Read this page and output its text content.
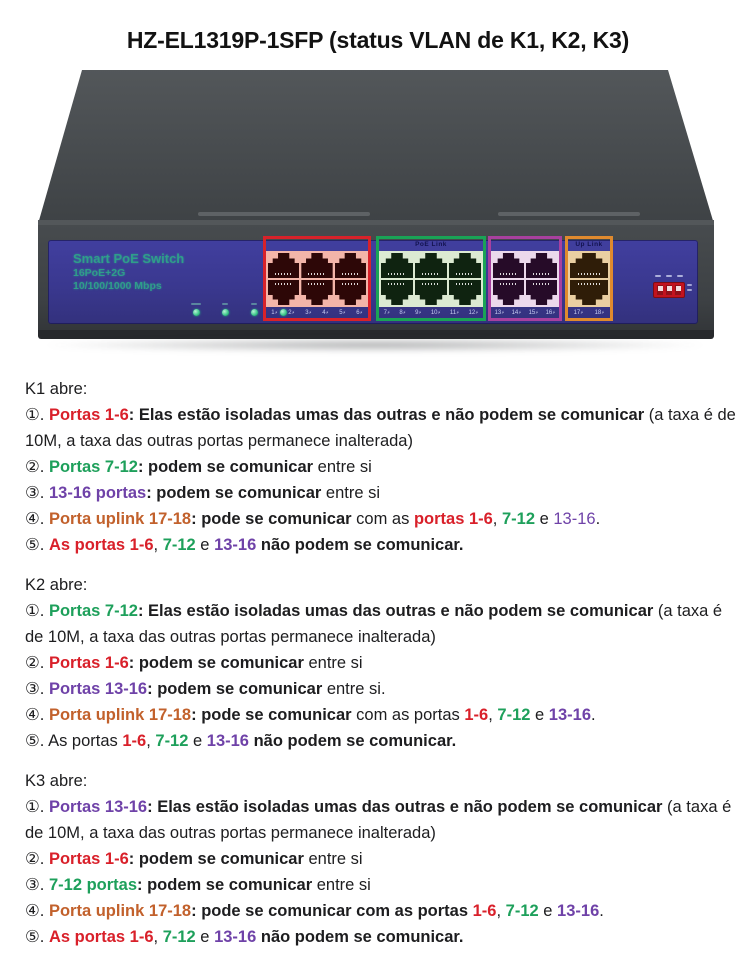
HZ-EL1319P-1SFP (status VLAN de K1, K2, K3)
Smart PoE Switch
16PoE+2G
10/100/1000 Mbps
1⚡ 2⚡ 3⚡ 4⚡ 5⚡ 6⚡
PoE Link
7⚡ 8⚡ 9⚡ 10⚡ 11⚡ 12⚡	13⚡ 14⚡ 15⚡ 16⚡
Up Link
17⚡ 18⚡
K1 abre:
①. Portas 1-6: Elas estão isoladas umas das outras e não podem se comunicar (a taxa é de 10M, a taxa das outras portas permanece inalterada)
②. Portas 7-12: podem se comunicar entre si
③. 13-16 portas: podem se comunicar entre si
④. Porta uplink 17-18: pode se comunicar com as portas 1-6, 7-12 e 13-16.
⑤. As portas 1-6, 7-12 e 13-16 não podem se comunicar.
K2 abre:
①. Portas 7-12: Elas estão isoladas umas das outras e não podem se comunicar (a taxa é de 10M, a taxa das outras portas permanece inalterada)
②. Portas 1-6: podem se comunicar entre si
③. Portas 13-16: podem se comunicar entre si.
④. Porta uplink 17-18: pode se comunicar com as portas 1-6, 7-12 e 13-16.
⑤. As portas 1-6, 7-12 e 13-16 não podem se comunicar.
K3 abre:
①. Portas 13-16: Elas estão isoladas umas das outras e não podem se comunicar (a taxa é de 10M, a taxa das outras portas permanece inalterada)
②. Portas 1-6: podem se comunicar entre si
③. 7-12 portas: podem se comunicar entre si
④. Porta uplink 17-18: pode se comunicar com as portas 1-6, 7-12 e 13-16.
⑤. As portas 1-6, 7-12 e 13-16 não podem se comunicar.
